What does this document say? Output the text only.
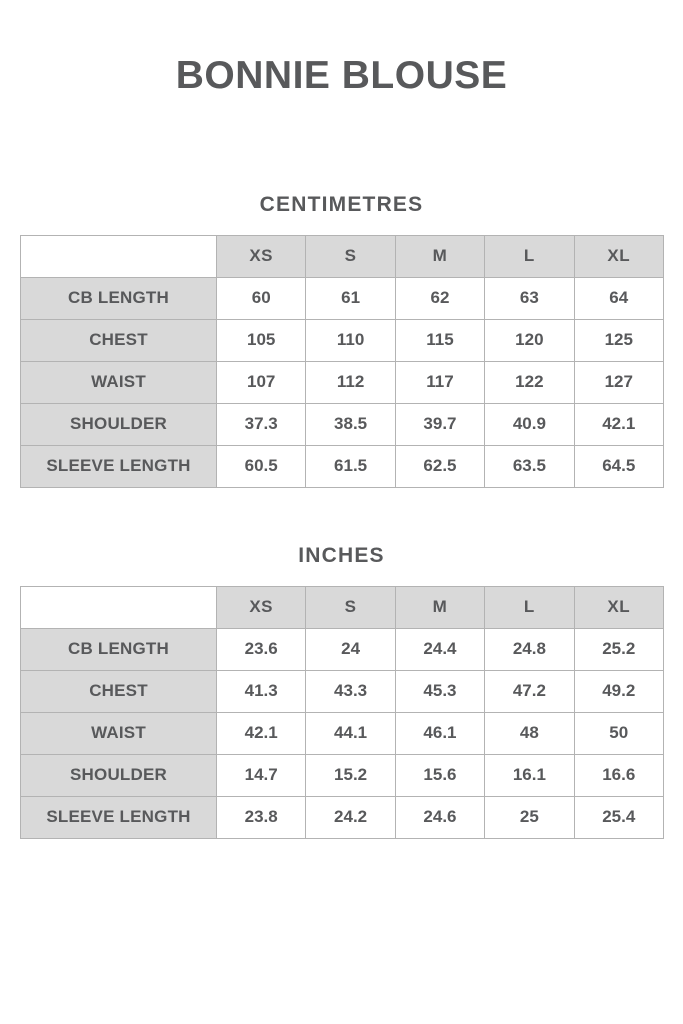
BONNIE BLOUSE
CENTIMETRES
	XS	S	M	L	XL
CB LENGTH	60	61	62	63	64
CHEST	105	110	115	120	125
WAIST	107	112	117	122	127
SHOULDER	37.3	38.5	39.7	40.9	42.1
SLEEVE LENGTH	60.5	61.5	62.5	63.5	64.5
INCHES
	XS	S	M	L	XL
CB LENGTH	23.6	24	24.4	24.8	25.2
CHEST	41.3	43.3	45.3	47.2	49.2
WAIST	42.1	44.1	46.1	48	50
SHOULDER	14.7	15.2	15.6	16.1	16.6
SLEEVE LENGTH	23.8	24.2	24.6	25	25.4
